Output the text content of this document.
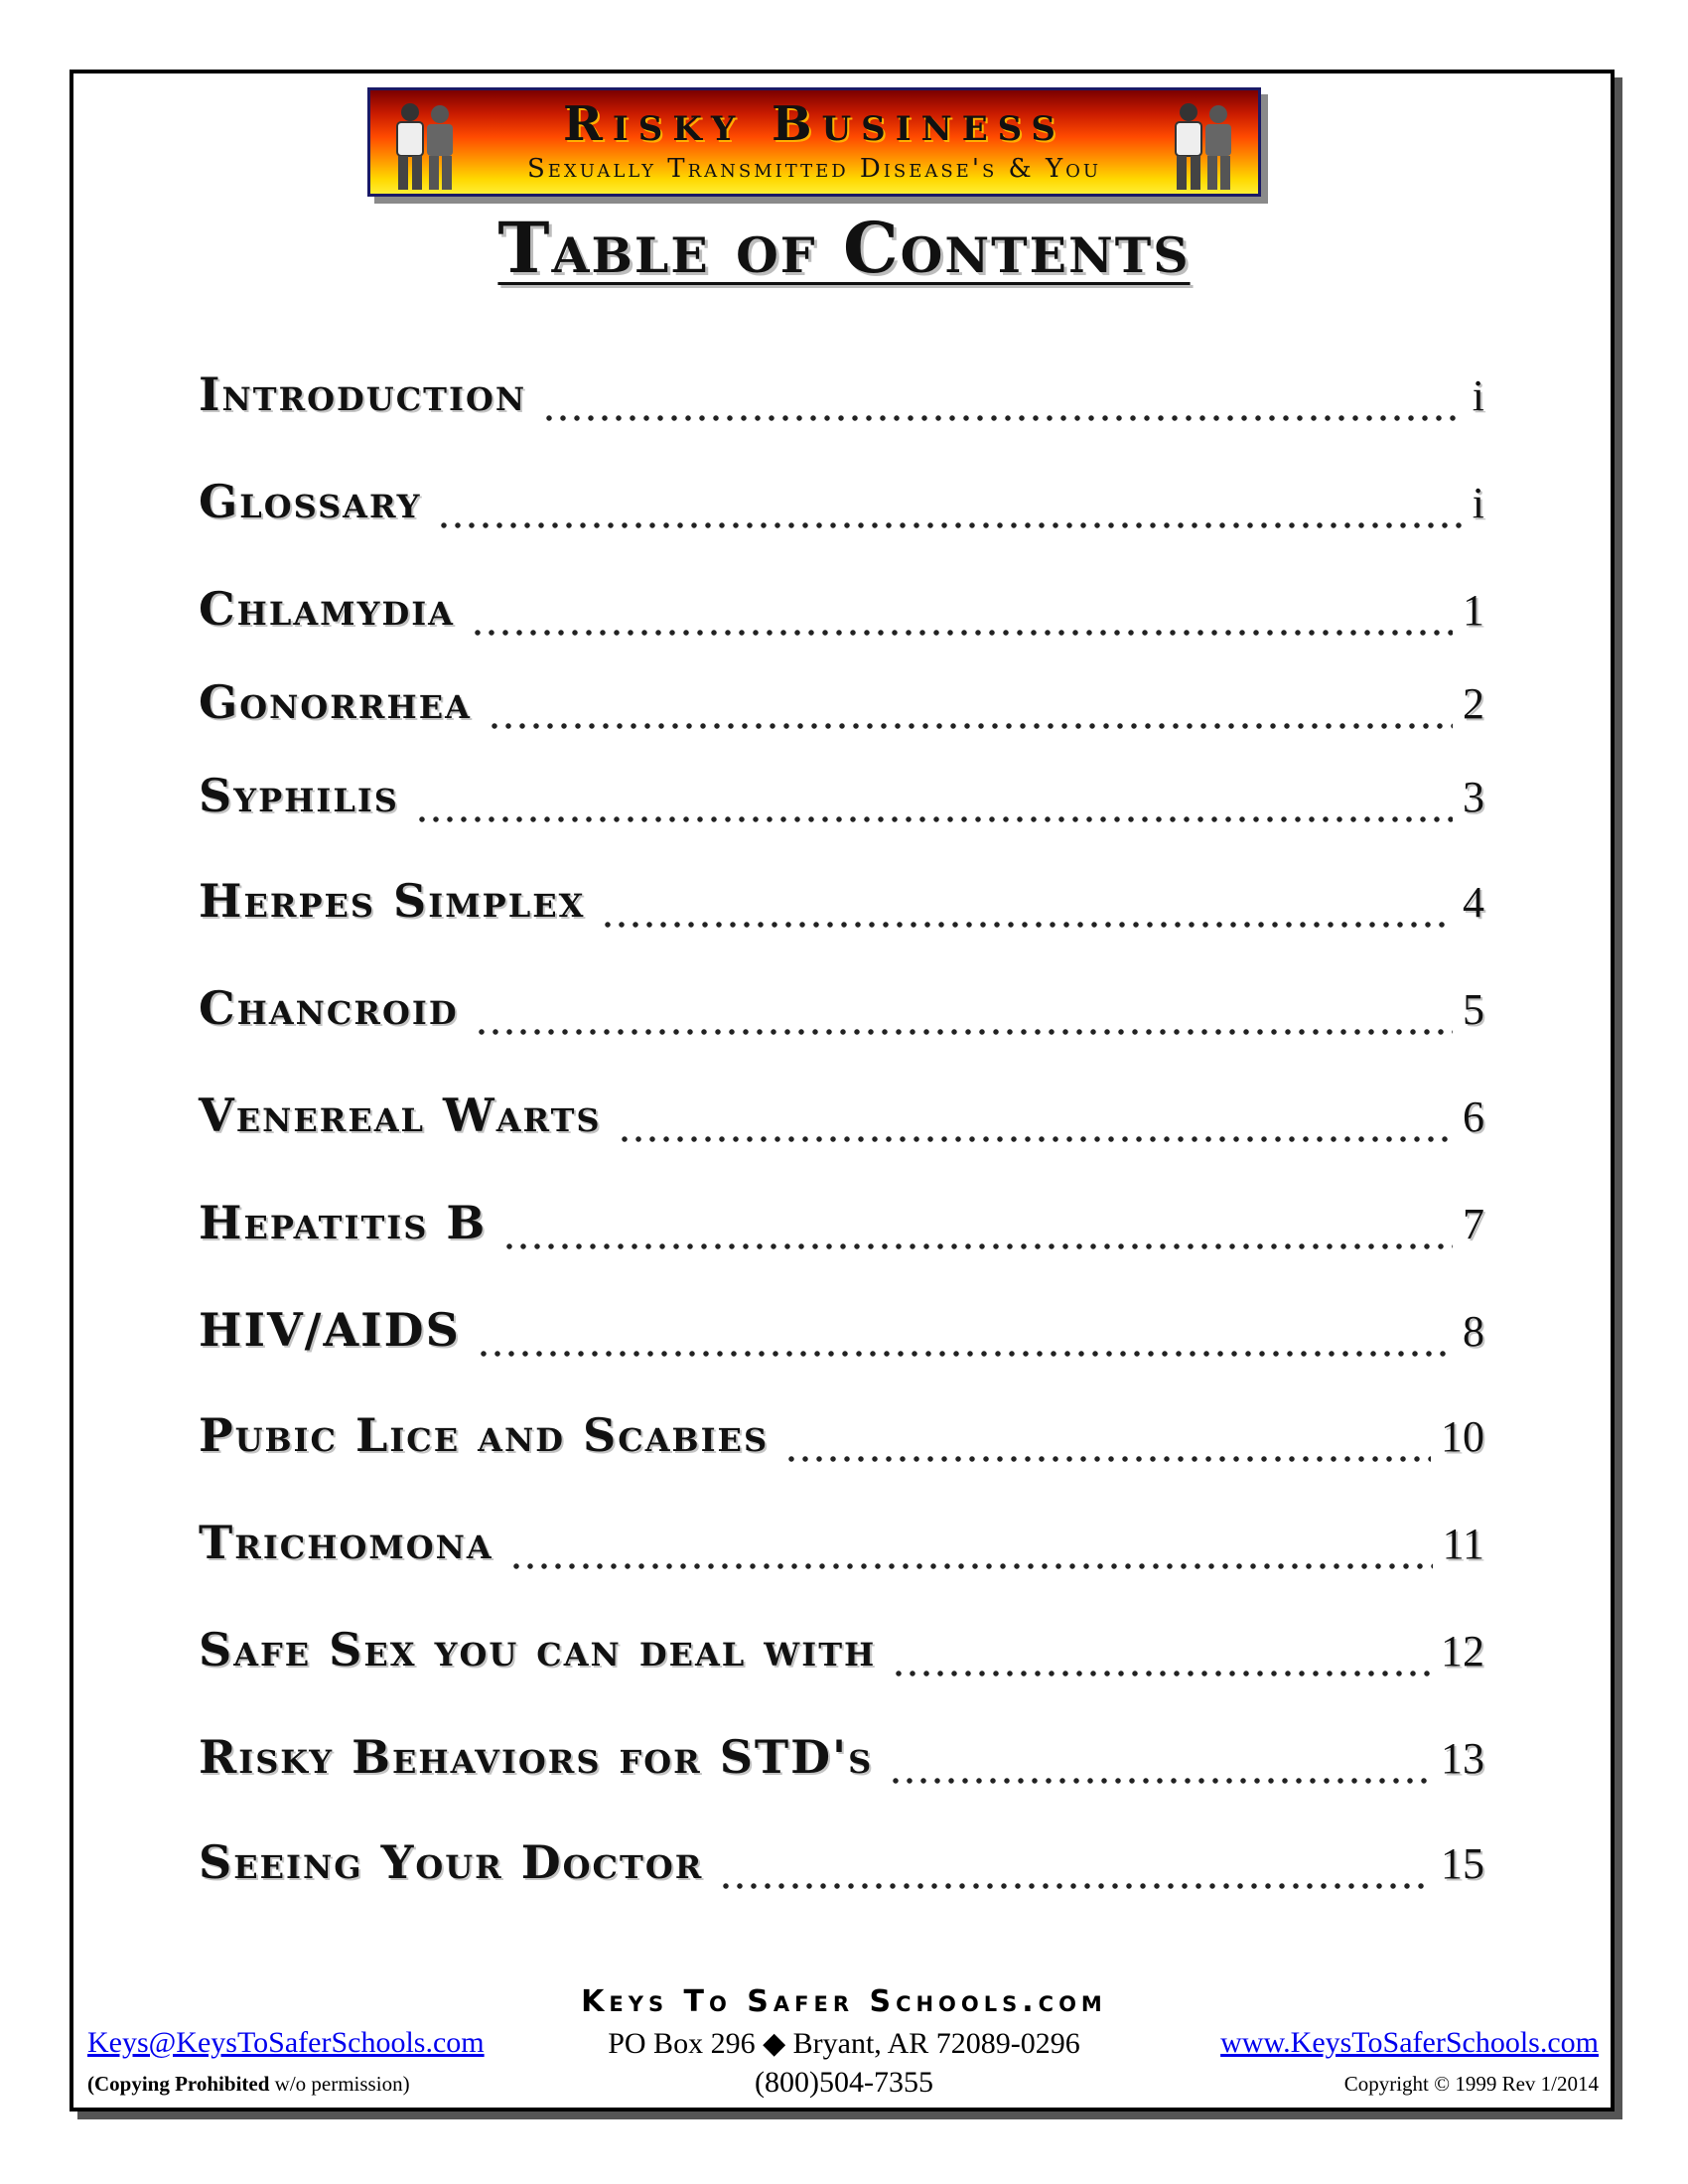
Risky Business
Sexually Transmitted Disease's & You
Table of Contents
Introduction	i
Glossary	i
Chlamydia	1
Gonorrhea	2
Syphilis	3
Herpes Simplex	4
Chancroid	5
Venereal Warts	6
Hepatitis B	7
HIV/AIDS	8
Pubic Lice and Scabies	10
Trichomona	11
Safe Sex you can deal with	12
Risky Behaviors for STD's	13
Seeing Your Doctor	15
Keys To Safer Schools.com
Keys@KeysToSaferSchools.com	PO Box 296 ◆ Bryant, AR 72089-0296	www.KeysToSaferSchools.com
(Copying Prohibited w/o permission)	(800)504-7355	Copyright © 1999 Rev 1/2014
